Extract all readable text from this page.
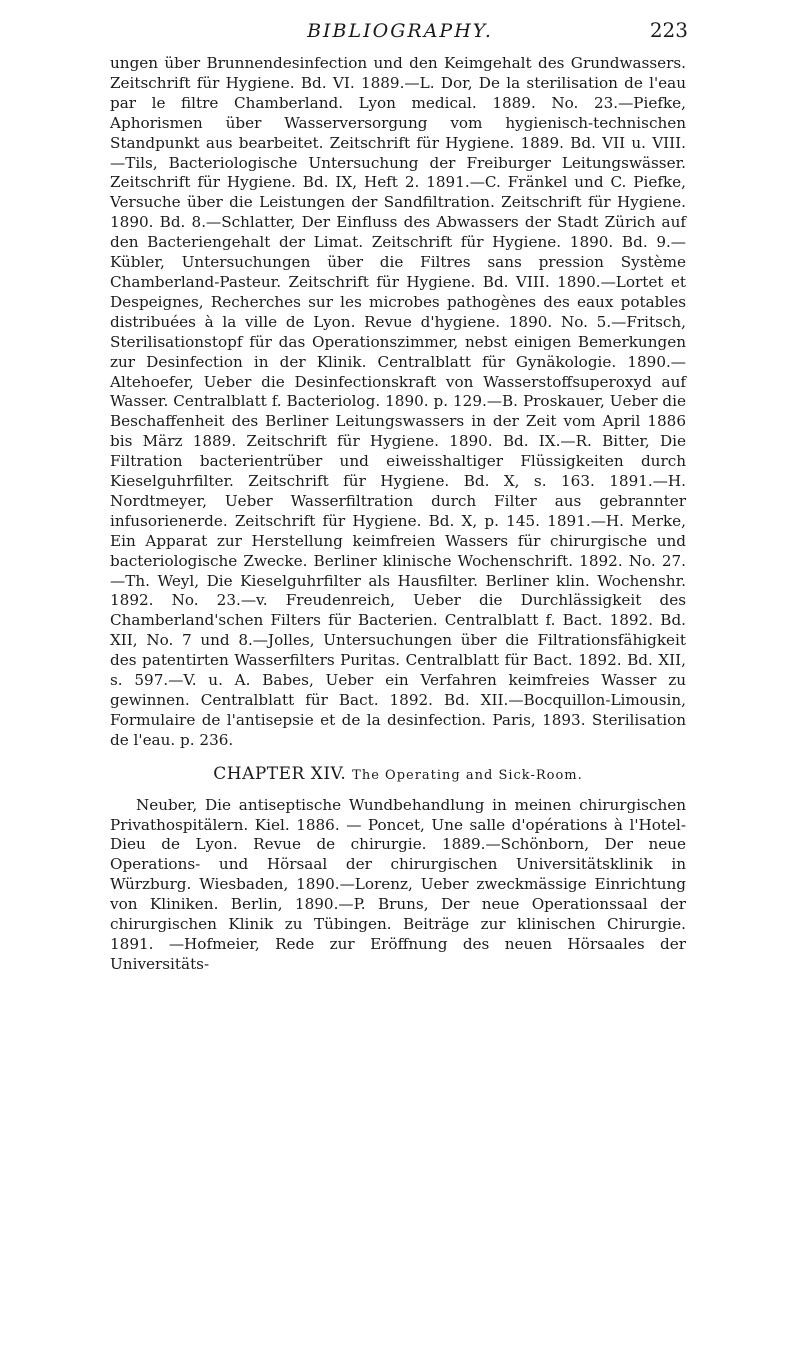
BIBLIOGRAPHY.	223

ungen über Brunnendesinfection und den Keimgehalt des Grundwassers. Zeitschrift für Hygiene. Bd. VI. 1889.—L. Dor, De la sterilisation de l'eau par le filtre Chamberland. Lyon medical. 1889. No. 23.—Piefke, Aphorismen über Wasserversorgung vom hygienisch-technischen Standpunkt aus bearbeitet. Zeitschrift für Hygiene. 1889. Bd. VII u. VIII.—Tils, Bacteriologische Untersuchung der Freiburger Leitungswässer. Zeitschrift für Hygiene. Bd. IX, Heft 2. 1891.—C. Fränkel und C. Piefke, Versuche über die Leistungen der Sandfiltration. Zeitschrift für Hygiene. 1890. Bd. 8.—Schlatter, Der Einfluss des Abwassers der Stadt Zürich auf den Bacteriengehalt der Limat. Zeitschrift für Hygiene. 1890. Bd. 9.—Kübler, Untersuchungen über die Filtres sans pression Système Chamberland-Pasteur. Zeitschrift für Hygiene. Bd. VIII. 1890.—Lortet et Despeignes, Recherches sur les microbes pathogènes des eaux potables distribuées à la ville de Lyon. Revue d'hygiene. 1890. No. 5.—Fritsch, Sterilisationstopf für das Operationszimmer, nebst einigen Bemerkungen zur Desinfection in der Klinik. Centralblatt für Gynäkologie. 1890.—Altehoefer, Ueber die Desinfectionskraft von Wasserstoffsuperoxyd auf Wasser. Centralblatt f. Bacteriolog. 1890. p. 129.—B. Proskauer, Ueber die Beschaffenheit des Berliner Leitungswassers in der Zeit vom April 1886 bis März 1889. Zeitschrift für Hygiene. 1890. Bd. IX.—R. Bitter, Die Filtration bacterientrüber und eiweisshaltiger Flüssigkeiten durch Kieselguhrfilter. Zeitschrift für Hygiene. Bd. X, s. 163. 1891.—H. Nordtmeyer, Ueber Wasserfiltration durch Filter aus gebrannter infusorienerde. Zeitschrift für Hygiene. Bd. X, p. 145. 1891.—H. Merke, Ein Apparat zur Herstellung keimfreien Wassers für chirurgische und bacteriologische Zwecke. Berliner klinische Wochenschrift. 1892. No. 27.—Th. Weyl, Die Kieselguhrfilter als Hausfilter. Berliner klin. Wochenshr. 1892. No. 23.—v. Freudenreich, Ueber die Durchlässigkeit des Chamberland'schen Filters für Bacterien. Centralblatt f. Bact. 1892. Bd. XII, No. 7 und 8.—Jolles, Untersuchungen über die Filtrationsfähigkeit des patentirten Wasserfilters Puritas. Centralblatt für Bact. 1892. Bd. XII, s. 597.—V. u. A. Babes, Ueber ein Verfahren keimfreies Wasser zu gewinnen. Centralblatt für Bact. 1892. Bd. XII.—Bocquillon-Limousin, Formulaire de l'antisepsie et de la desinfection. Paris, 1893. Sterilisation de l'eau. p. 236.

CHAPTER XIV. The Operating and Sick-Room.

Neuber, Die antiseptische Wundbehandlung in meinen chirurgischen Privathospitälern. Kiel. 1886. — Poncet, Une salle d'opérations à l'Hotel-Dieu de Lyon. Revue de chirurgie. 1889.—Schönborn, Der neue Operations- und Hörsaal der chirurgischen Universitätsklinik in Würzburg. Wiesbaden, 1890.—Lorenz, Ueber zweckmässige Einrichtung von Kliniken. Berlin, 1890.—P. Bruns, Der neue Operationssaal der chirurgischen Klinik zu Tübingen. Beiträge zur klinischen Chirurgie. 1891. —Hofmeier, Rede zur Eröffnung des neuen Hörsaales der Universitäts-
